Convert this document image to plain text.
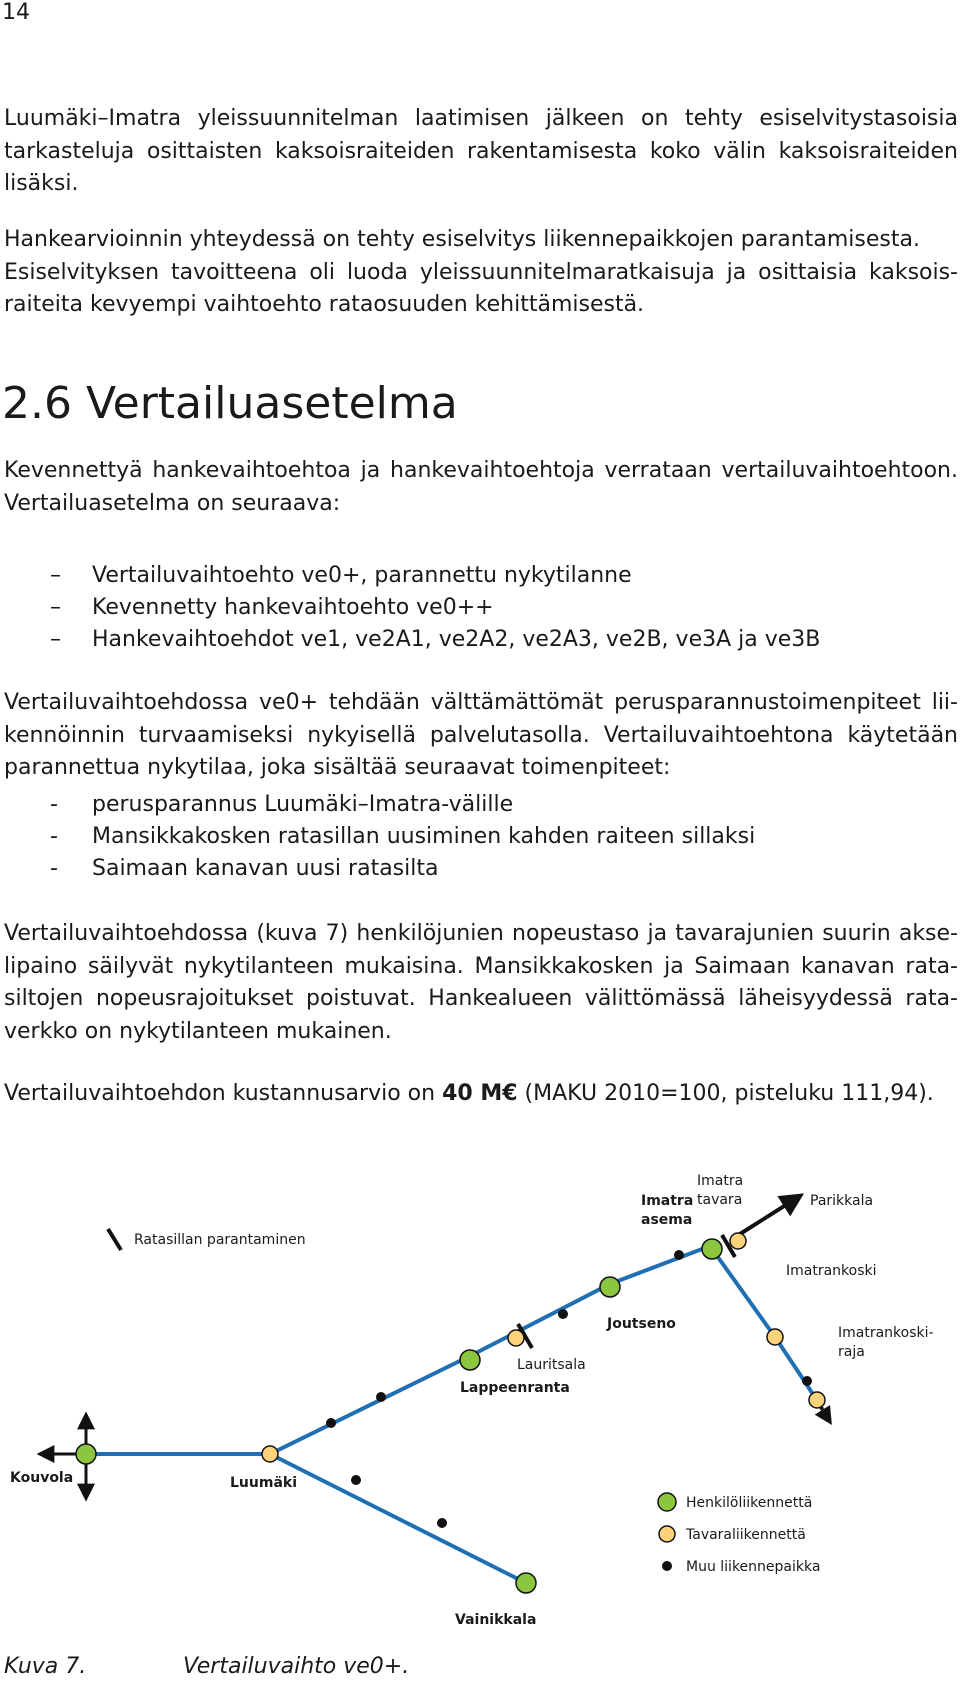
14
Luumäki–Imatra yleissuunnitelman laatimisen jälkeen on tehty esiselvitystasoisia
tarkasteluja osittaisten kaksoisraiteiden rakentamisesta koko välin kaksoisraiteiden
lisäksi.
Hankearvioinnin yhteydessä on tehty esiselvitys liikennepaikkojen parantamisesta.
Esiselvityksen tavoitteena oli luoda yleissuunnitelmaratkaisuja ja osittaisia kaksois-
raiteita kevyempi vaihtoehto rataosuuden kehittämisestä.
2.6 Vertailuasetelma
Kevennettyä hankevaihtoehtoa ja hankevaihtoehtoja verrataan vertailuvaihtoehtoon.
Vertailuasetelma on seuraava:
– Vertailuvaihtoehto ve0+, parannettu nykytilanne
– Kevennetty hankevaihtoehto ve0++
– Hankevaihtoehdot ve1, ve2A1, ve2A2, ve2A3, ve2B, ve3A ja ve3B
Vertailuvaihtoehdossa ve0+ tehdään välttämättömät perusparannustoimenpiteet lii-
kennöinnin turvaamiseksi nykyisellä palvelutasolla. Vertailuvaihtoehtona käytetään
parannettua nykytilaa, joka sisältää seuraavat toimenpiteet:
- perusparannus Luumäki–Imatra-välille
- Mansikkakosken ratasillan uusiminen kahden raiteen sillaksi
- Saimaan kanavan uusi ratasilta
Vertailuvaihtoehdossa (kuva 7) henkilöjunien nopeustaso ja tavarajunien suurin akse-
lipaino säilyvät nykytilanteen mukaisina. Mansikkakosken ja Saimaan kanavan rata-
siltojen nopeusrajoitukset poistuvat. Hankealueen välittömässä läheisyydessä rata-
verkko on nykytilanteen mukainen.
Vertailuvaihtoehdon kustannusarvio on 40 M€ (MAKU 2010=100, pisteluku 111,94).
Ratasillan parantaminen
Kouvola	Luumäki
Vainikkala
Lappeenranta
Lauritsala
Joutseno
Imatra
asema
Imatra
tavara	Parikkala
Imatrankoski
Imatrankoski-
raja
Henkilöliikennettä
Tavaraliikennettä
Muu liikennepaikka
Kuva 7.	Vertailuvaihto ve0+.
